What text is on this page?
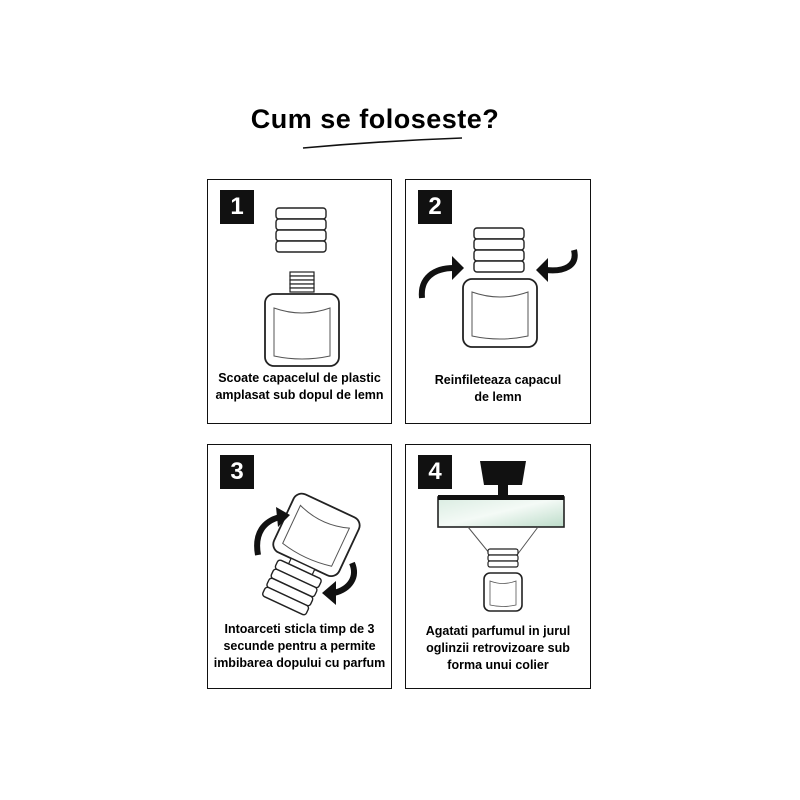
Cum se foloseste?
1
Scoate capacelul de plastic
amplasat sub dopul de lemn
2
Reinfileteaza capacul
de lemn
3
Intoarceti sticla timp de 3
secunde pentru a permite
imbibarea dopului cu parfum
4
Agatati parfumul in jurul
oglinzii retrovizoare sub
forma unui colier
